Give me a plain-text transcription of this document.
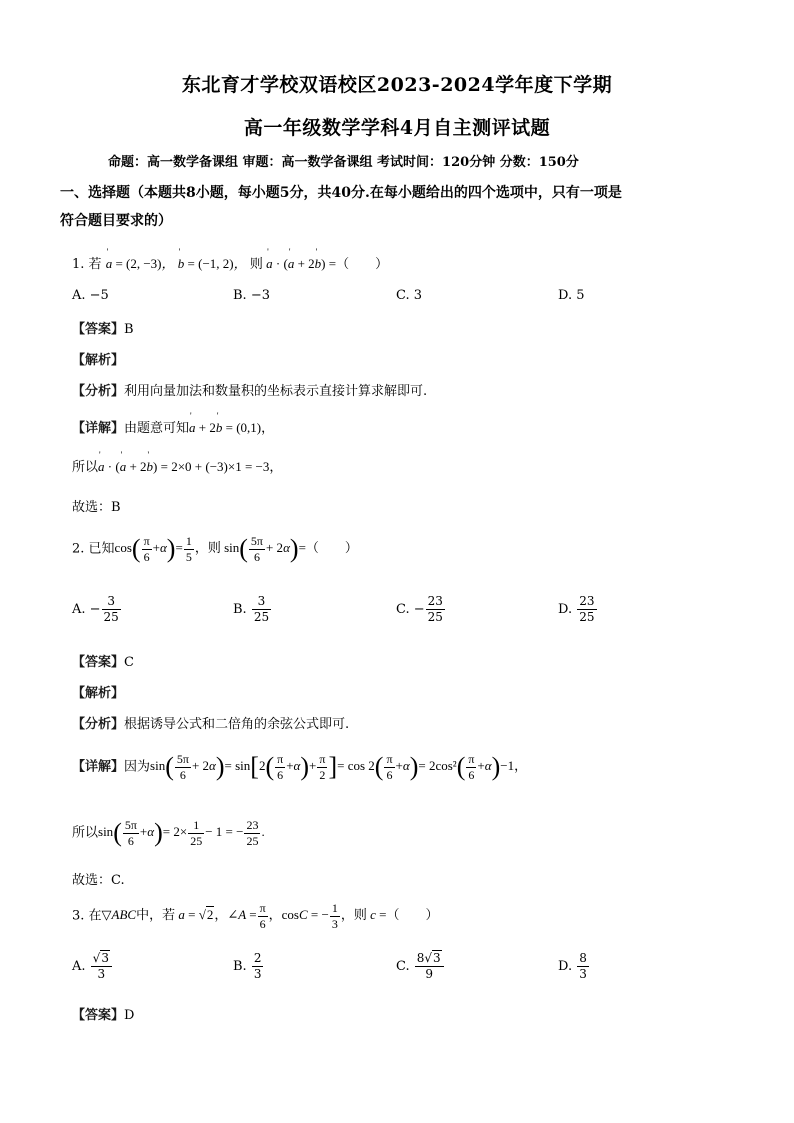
东北育才学校双语校区2023-2024学年度下学期
高一年级数学学科4月自主测评试题
命题：高一数学备课组 审题：高一数学备课组 考试时间：120分钟 分数：150分
一、选择题（本题共8小题，每小题5分，共40分.在每小题给出的四个选项中，只有一项是
符合题目要求的）
1. 若 ' a = (2, −3)， ' b = (−1, 2)， 则 ' a · (' a + 2' b) =（　　）
A. −5	B. −3	C. 3	D. 5
【答案】B
【解析】
【分析】利用向量加法和数量积的坐标表示直接计算求解即可.
【详解】由题意可知' a + 2' b = (0,1)，
所以' a · (' a + 2' b) = 2×0 + (−3)×1 = −3，
故选：B
2. 已知$\cos( \frac{\pi}{6} +\alpha)= \frac{1}{5}$ ，则 $\sin( \frac{5\pi}{6} + 2\alpha)=$（　　）
A. − $\frac{3}{25}$	B. $\frac{3}{25}$	C. − $\frac{23}{25}$	D. $\frac{23}{25}$
【答案】C
【解析】
【分析】根据诱导公式和二倍角的余弦公式即可.
【详解】因为$\sin( \frac{5\pi}{6} + 2\alpha)= \sin[2( \frac{\pi}{6} +\alpha)+ \frac{\pi}{2}$ ]= $\cos 2( \frac{\pi}{6} +\alpha)= 2\cos^2( \frac{\pi}{6} +\alpha)-1$，
所以$\sin( \frac{5\pi}{6} +\alpha)= 2\times \frac{1}{25} - 1$ = − $\frac{23}{25}$ .
故选：C.
3. 在▽ABC中，若 a = √2，∠A = $\frac{\pi}{6}$ ，cosC = − $\frac{1}{3}$ ，则 c =（　　）
A. $\frac{√3}{3}$	B. $\frac{2}{3}$	C. $\frac{8√3}{9}$	D. $\frac{8}{3}$
【答案】D
